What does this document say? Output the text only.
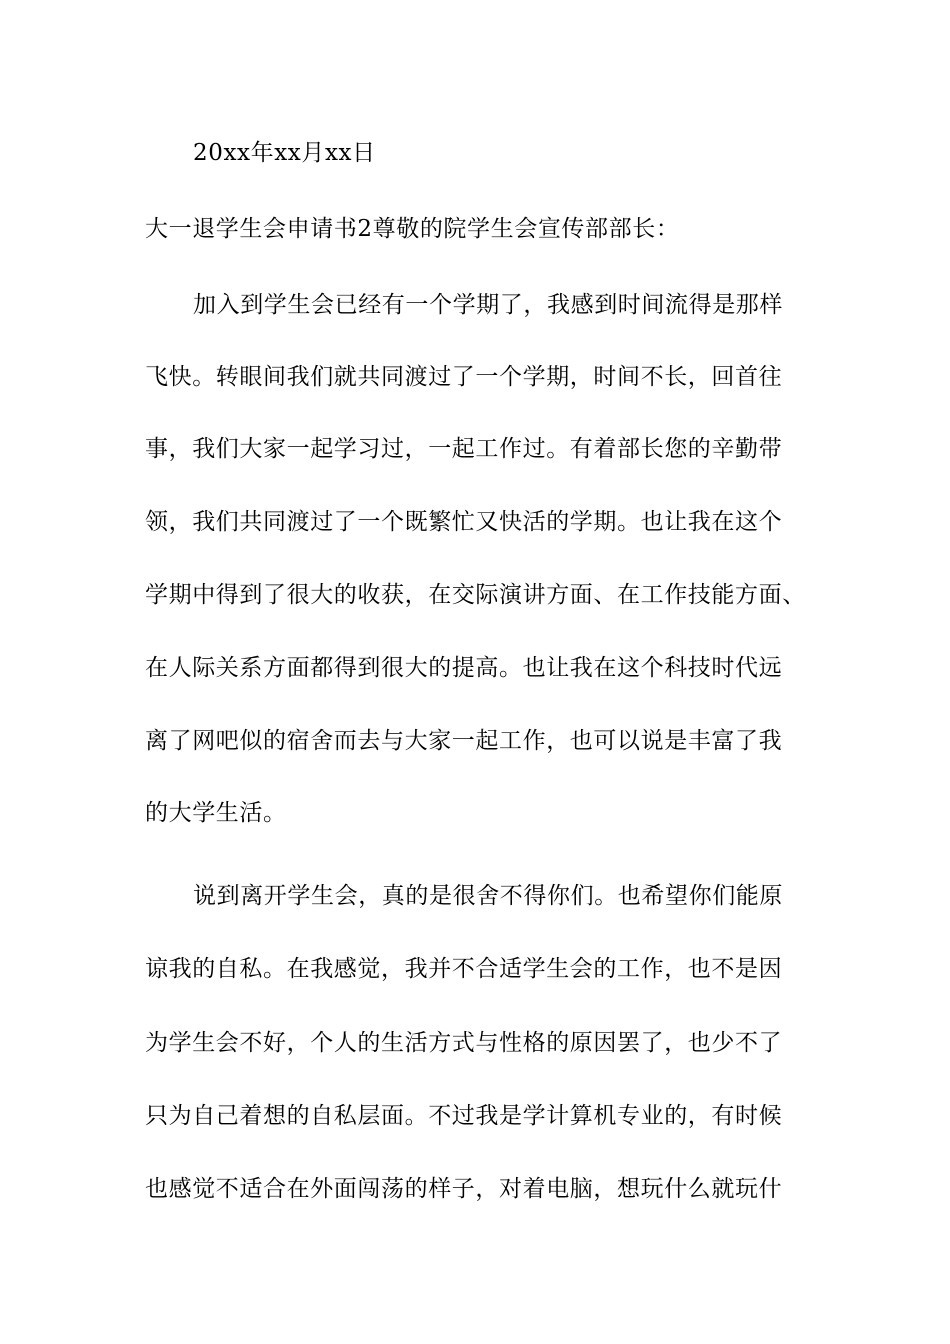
20xx年xx月xx日
大一退学生会申请书2尊敬的院学生会宣传部部长：
加入到学生会已经有一个学期了，我感到时间流得是那样
飞快。转眼间我们就共同渡过了一个学期，时间不长，回首往
事，我们大家一起学习过，一起工作过。有着部长您的辛勤带
领，我们共同渡过了一个既繁忙又快活的学期。也让我在这个
学期中得到了很大的收获，在交际演讲方面、在工作技能方面、
在人际关系方面都得到很大的提高。也让我在这个科技时代远
离了网吧似的宿舍而去与大家一起工作，也可以说是丰富了我
的大学生活。
说到离开学生会，真的是很舍不得你们。也希望你们能原
谅我的自私。在我感觉，我并不合适学生会的工作，也不是因
为学生会不好，个人的生活方式与性格的原因罢了，也少不了
只为自己着想的自私层面。不过我是学计算机专业的，有时候
也感觉不适合在外面闯荡的样子，对着电脑，想玩什么就玩什
